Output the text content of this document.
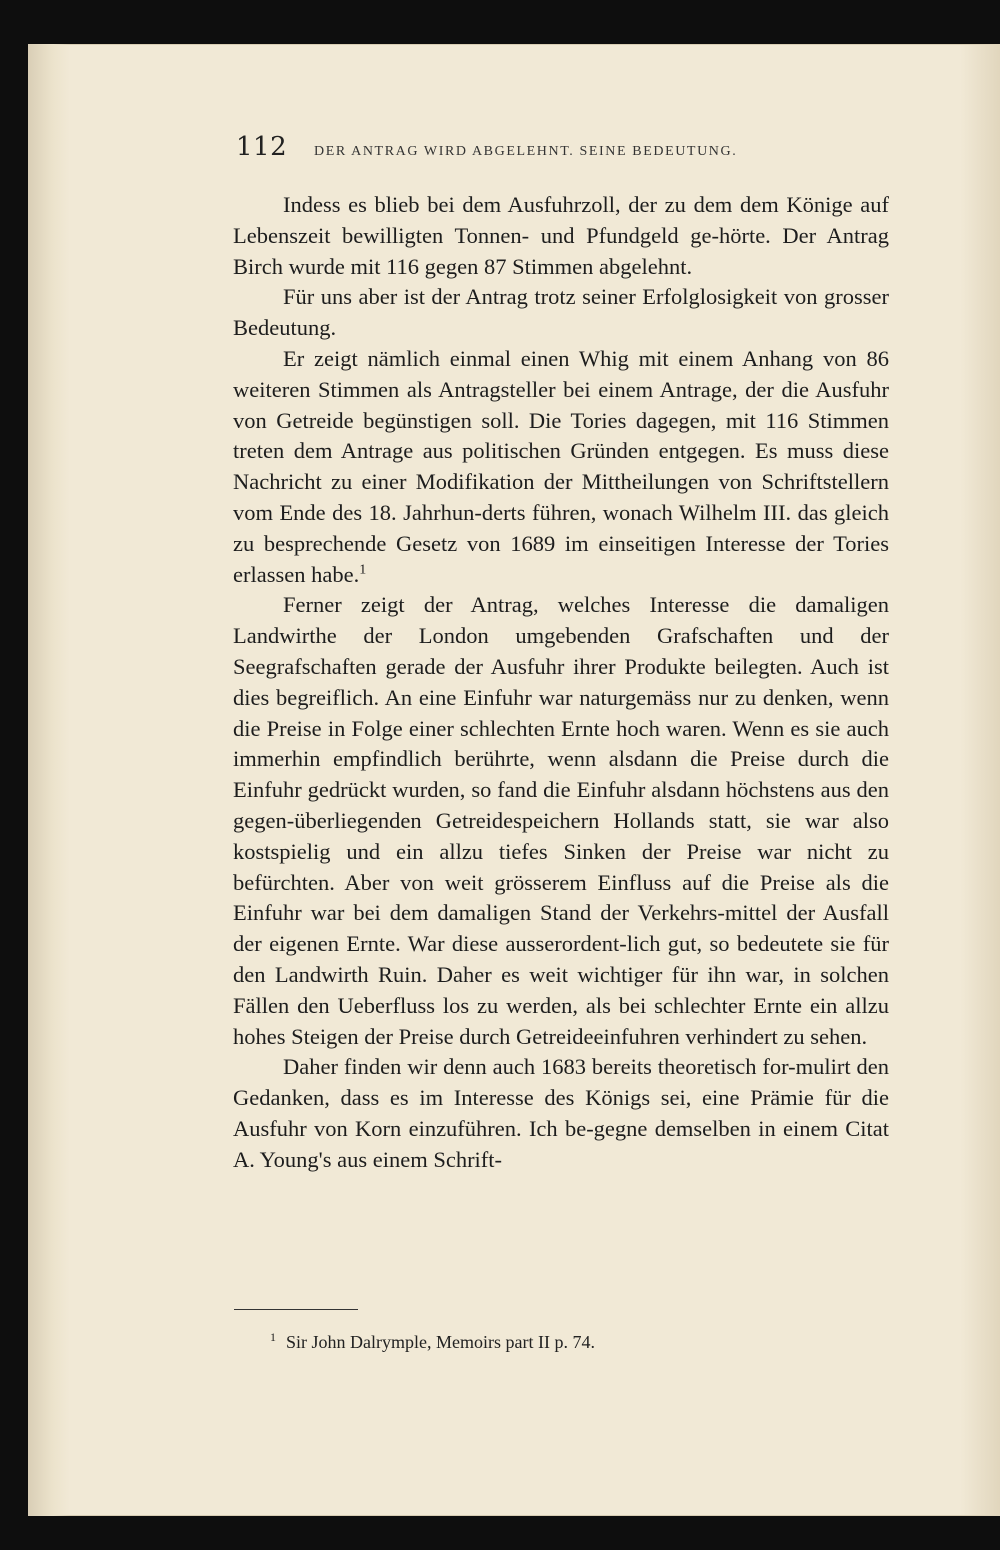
112 DER ANTRAG WIRD ABGELEHNT. SEINE BEDEUTUNG.

Indess es blieb bei dem Ausfuhrzoll, der zu dem dem Könige auf Lebenszeit bewilligten Tonnen- und Pfundgeld ge-hörte. Der Antrag Birch wurde mit 116 gegen 87 Stimmen abgelehnt.

Für uns aber ist der Antrag trotz seiner Erfolglosigkeit von grosser Bedeutung.

Er zeigt nämlich einmal einen Whig mit einem Anhang von 86 weiteren Stimmen als Antragsteller bei einem Antrage, der die Ausfuhr von Getreide begünstigen soll. Die Tories dagegen, mit 116 Stimmen treten dem Antrage aus politischen Gründen entgegen. Es muss diese Nachricht zu einer Modifikation der Mittheilungen von Schriftstellern vom Ende des 18. Jahrhun-derts führen, wonach Wilhelm III. das gleich zu besprechende Gesetz von 1689 im einseitigen Interesse der Tories erlassen habe.$^1$

Ferner zeigt der Antrag, welches Interesse die damaligen Landwirthe der London umgebenden Grafschaften und der Seegrafschaften gerade der Ausfuhr ihrer Produkte beilegten. Auch ist dies begreiflich. An eine Einfuhr war naturgemäss nur zu denken, wenn die Preise in Folge einer schlechten Ernte hoch waren. Wenn es sie auch immerhin empfindlich berührte, wenn alsdann die Preise durch die Einfuhr gedrückt wurden, so fand die Einfuhr alsdann höchstens aus den gegen-überliegenden Getreidespeichern Hollands statt, sie war also kostspielig und ein allzu tiefes Sinken der Preise war nicht zu befürchten. Aber von weit grösserem Einfluss auf die Preise als die Einfuhr war bei dem damaligen Stand der Verkehrs-mittel der Ausfall der eigenen Ernte. War diese ausserordent-lich gut, so bedeutete sie für den Landwirth Ruin. Daher es weit wichtiger für ihn war, in solchen Fällen den Ueberfluss los zu werden, als bei schlechter Ernte ein allzu hohes Steigen der Preise durch Getreideeinfuhren verhindert zu sehen.

Daher finden wir denn auch 1683 bereits theoretisch for-mulirt den Gedanken, dass es im Interesse des Königs sei, eine Prämie für die Ausfuhr von Korn einzuführen. Ich be-gegne demselben in einem Citat A. Young's aus einem Schrift-

$^1$ Sir John Dalrymple, Memoirs part II p. 74.
